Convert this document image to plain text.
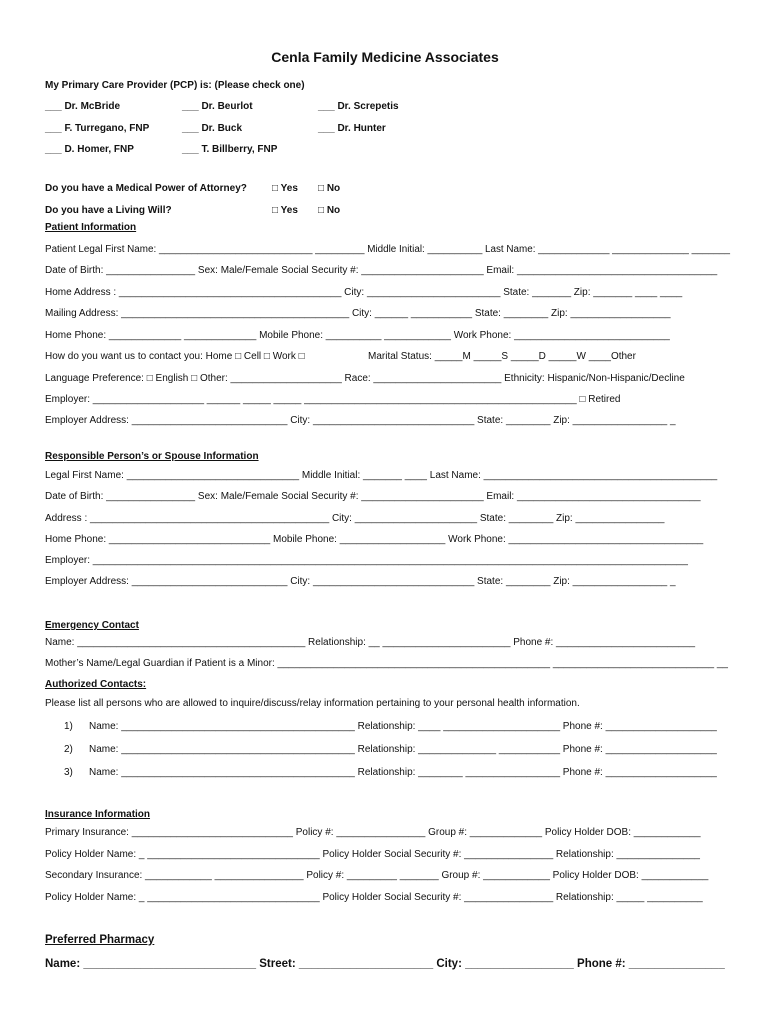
Cenla Family Medicine Associates
My Primary Care Provider (PCP) is: (Please check one)
___ Dr. McBride	___ Dr. Beurlot	___ Dr. Screpetis
___ F. Turregano, FNP	___ Dr. Buck	___ Dr. Hunter
___ D. Homer, FNP	___ T. Billberry, FNP
Do you have a Medical Power of Attorney?	□ Yes □ No
Do you have a Living Will?	□ Yes □ No
Patient Information
Patient Legal First Name: ____________________________ _________ Middle Initial: __________ Last Name: _____________ ______________ _______
Date of Birth: ________________ Sex: Male/Female Social Security #: ______________________ Email: ____________________________________
Home Address : ________________________________________ City: ________________________ State: _______ Zip: _______ ____ ____
Mailing Address: _________________________________________ City: ______ ___________ State: ________ Zip: __________________
Home Phone: _____________ _____________ Mobile Phone: __________ ____________ Work Phone: ____________________________
How do you want us to contact you: Home □ Cell □ Work □	Marital Status: _____M _____S _____D _____W ____Other
Language Preference: □ English □ Other: ____________________ Race: _______________________ Ethnicity: Hispanic/Non-Hispanic/Decline
Employer: ____________________ ______ _____ _____ _________________________________________________ □ Retired
Employer Address: ____________________________ City: _____________________________ State: ________ Zip: _________________ _
Responsible Person’s or Spouse Information
Legal First Name: _______________________________ Middle Initial: _______ ____ Last Name: __________________________________________
Date of Birth: ________________ Sex: Male/Female Social Security #: ______________________ Email: _________________________________
Address : ___________________________________________ City: ______________________ State: ________ Zip: ________________
Home Phone: _____________________________ Mobile Phone: ___________________ Work Phone: ___________________________________
Employer: ___________________________________________________________________________________________________________
Employer Address: ____________________________ City: _____________________________ State: ________ Zip: _________________ _
Emergency Contact
Name: _________________________________________ Relationship: __ _______________________ Phone #: _________________________
Mother’s Name/Legal Guardian if Patient is a Minor: _________________________________________________ _____________________________ __
Authorized Contacts:
Please list all persons who are allowed to inquire/discuss/relay information pertaining to your personal health information.
1) Name: __________________________________________ Relationship: ____ _____________________ Phone #: ____________________
2) Name: __________________________________________ Relationship: ______________ ___________ Phone #: ____________________
3) Name: __________________________________________ Relationship: ________ _________________ Phone #: ____________________
Insurance Information
Primary Insurance: _____________________________ Policy #: ________________ Group #: _____________ Policy Holder DOB: ____________
Policy Holder Name: _ _______________________________ Policy Holder Social Security #: ________________ Relationship: _______________
Secondary Insurance: ____________ ________________ Policy #: _________ _______ Group #: ____________ Policy Holder DOB: ____________
Policy Holder Name: _ _______________________________ Policy Holder Social Security #: ________________ Relationship: _____ __________
Preferred Pharmacy
Name: ___________________________ Street: _____________________ City: _________________ Phone #: _______________
